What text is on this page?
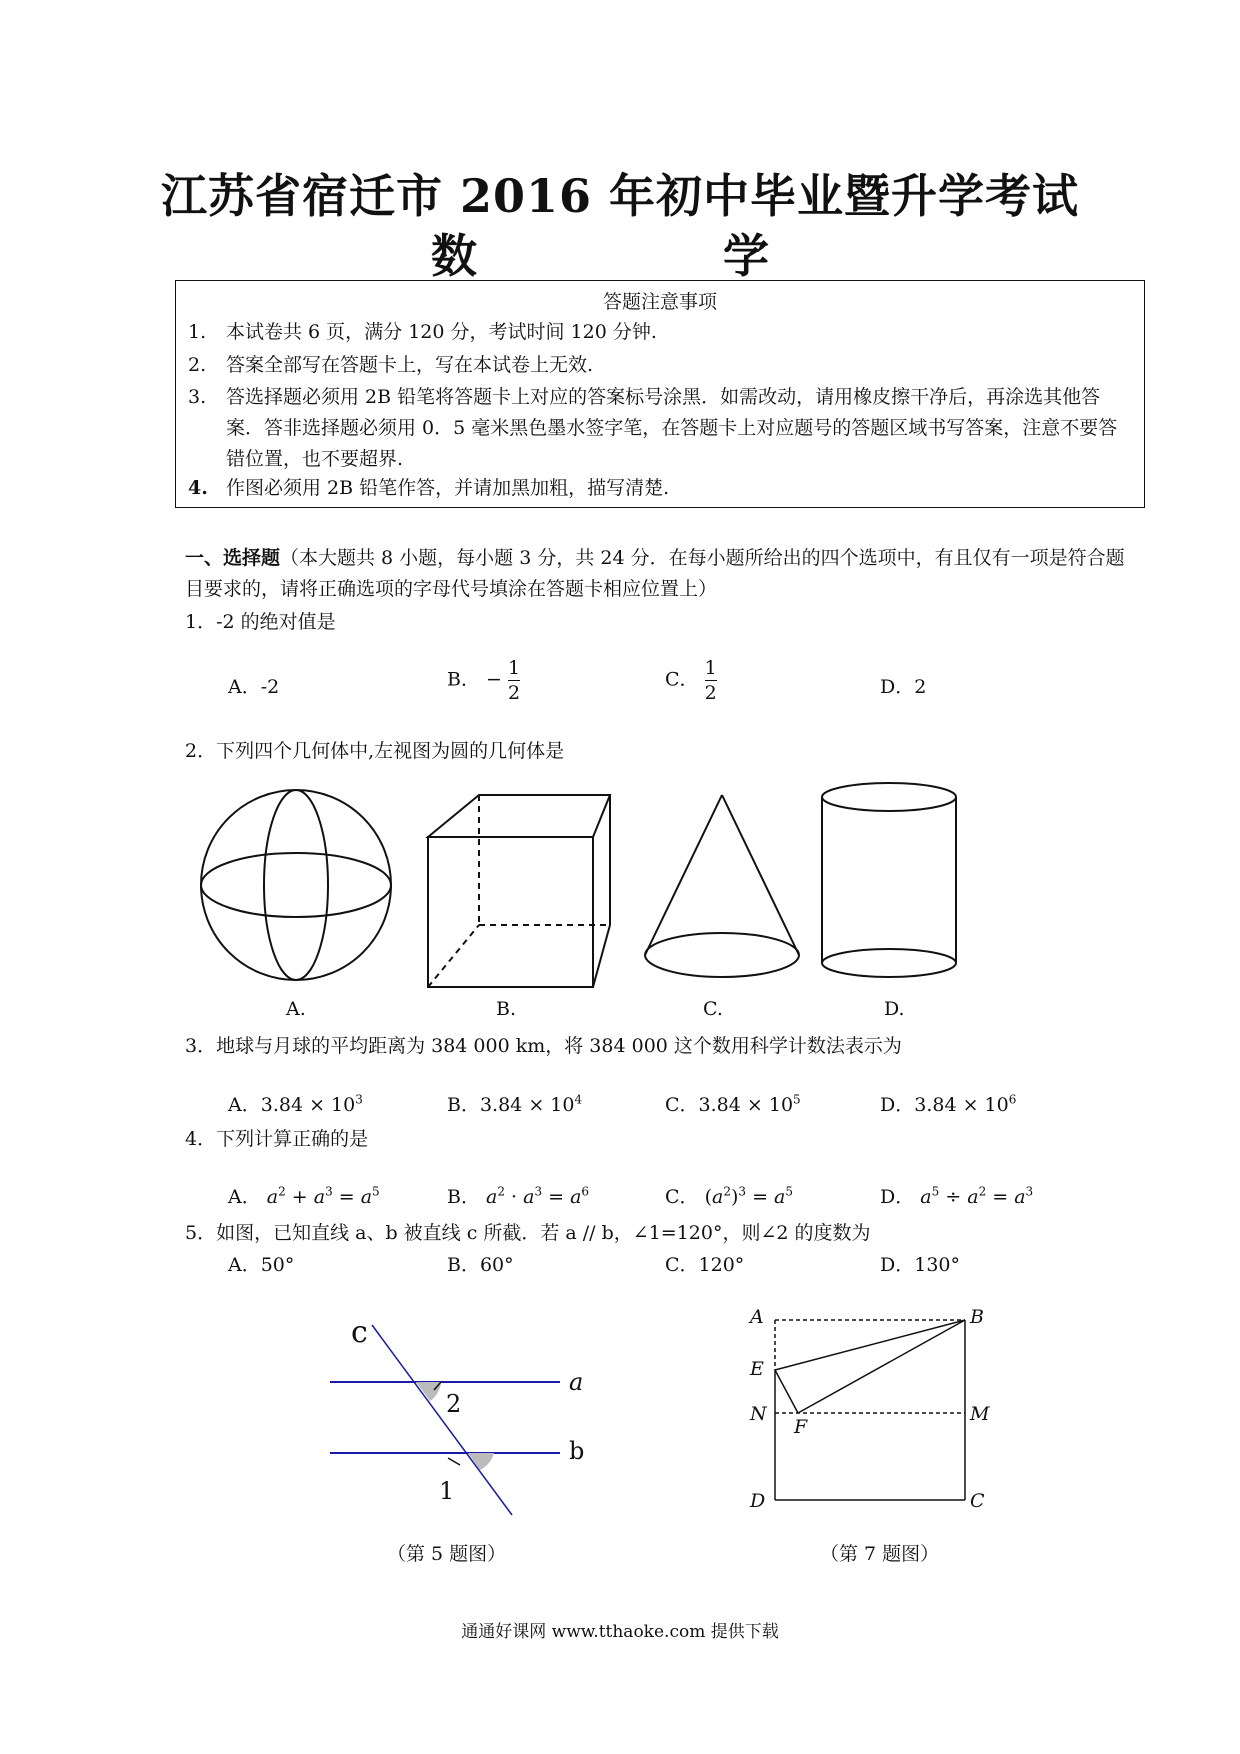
江苏省宿迁市 2016 年初中毕业暨升学考试
数 学
答题注意事项
1. 本试卷共 6 页，满分 120 分，考试时间 120 分钟.
2. 答案全部写在答题卡上，写在本试卷上无效.
3. 答选择题必须用 2B 铅笔将答题卡上对应的答案标号涂黑．如需改动，请用橡皮擦干净后，再涂选其他答案．答非选择题必须用 0．5 毫米黑色墨水签字笔，在答题卡上对应题号的答题区域书写答案，注意不要答错位置，也不要超界.
4. 作图必须用 2B 铅笔作答，并请加黑加粗，描写清楚.
一、选择题（本大题共 8 小题，每小题 3 分，共 24 分．在每小题所给出的四个选项中，有且仅有一项是符合题目要求的，请将正确选项的字母代号填涂在答题卡相应位置上）
1．-2 的绝对值是
A．-2	B． − $\frac{1}{2}$	C． $\frac{1}{2}$	D．2
2．下列四个几何体中,左视图为圆的几何体是
A.	B.	C.	D.
3．地球与月球的平均距离为 384 000 km，将 384 000 这个数用科学计数法表示为
A．$3.84 \times 10^3$	B．$3.84 \times 10^4$	C．$3.84 \times 10^5$	D．$3.84 \times 10^6$
4．下列计算正确的是
A． $a^2 + a^3 = a^5$	B． $a^2 \cdot a^3 = a^6$	C． $(a^2)^3 = a^5$	D． $a^5 \div a^2 = a^3$
5．如图，已知直线 a、b 被直线 c 所截．若 a // b，∠1=120°，则∠2 的度数为
A．50°	B．60°	C．120°	D．130°
c
a
b
2
1
（第 5 题图）
A	B
E
N
F
M
D	C
（第 7 题图）
通通好课网 www.tthaoke.com 提供下载
